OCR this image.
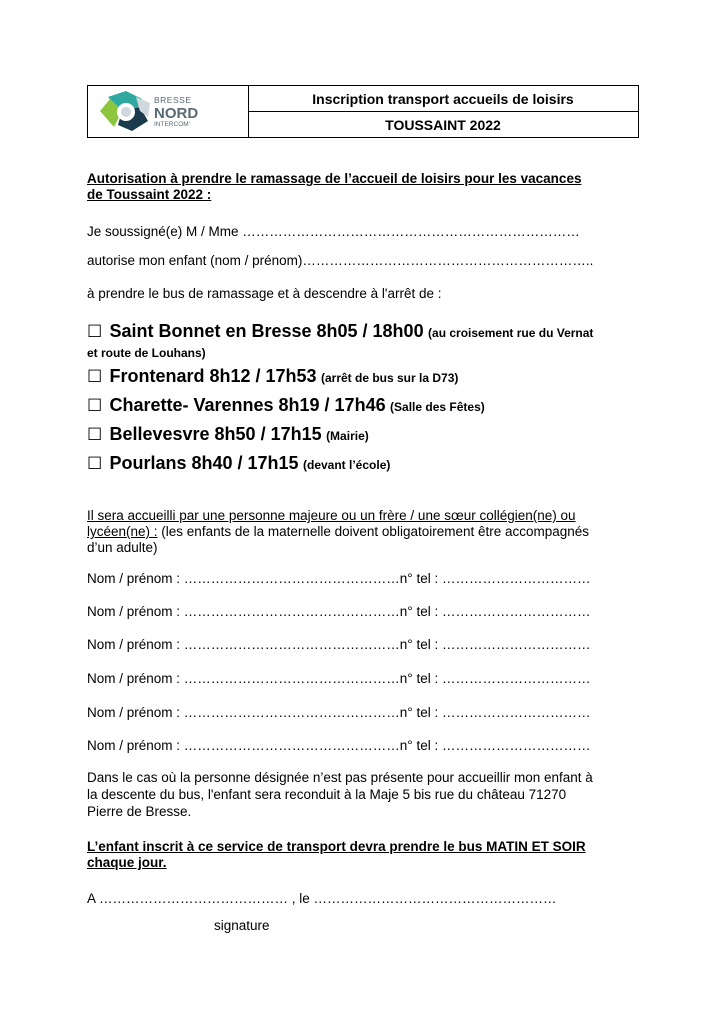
BRESSE
NORD
INTERCOM’
Inscription transport accueils de loisirs
TOUSSAINT 2022
Autorisation à prendre le ramassage de l’accueil de loisirs pour les vacances
de Toussaint 2022 :
Je soussigné(e) M / Mme …………………………………………………………………
autorise mon enfant (nom / prénom)………………………………………………………..
à prendre le bus de ramassage et à descendre à l'arrêt de :
☐ Saint Bonnet en Bresse 8h05 / 18h00 (au croisement rue du Vernat
et route de Louhans)
☐ Frontenard 8h12 / 17h53 (arrêt de bus sur la D73)
☐ Charette- Varennes 8h19 / 17h46 (Salle des Fêtes)
☐ Bellevesvre 8h50 / 17h15 (Mairie)
☐ Pourlans 8h40 / 17h15 (devant l’école)
Il sera accueilli par une personne majeure ou un frère / une sœur collégien(ne) ou
lycéen(ne) : (les enfants de la maternelle doivent obligatoirement être accompagnés
d’un adulte)
Nom / prénom : …………………………………………n° tel : ……………………………
Nom / prénom : …………………………………………n° tel : ……………………………
Nom / prénom : …………………………………………n° tel : ……………………………
Nom / prénom : …………………………………………n° tel : ……………………………
Nom / prénom : …………………………………………n° tel : ……………………………
Nom / prénom : …………………………………………n° tel : ……………………………
Dans le cas où la personne désignée n’est pas présente pour accueillir mon enfant à
la descente du bus, l'enfant sera reconduit à la Maje 5 bis rue du château 71270
Pierre de Bresse.
L’enfant inscrit à ce service de transport devra prendre le bus MATIN ET SOIR
chaque jour.
A …………………………………… , le ………………………………………………
signature
